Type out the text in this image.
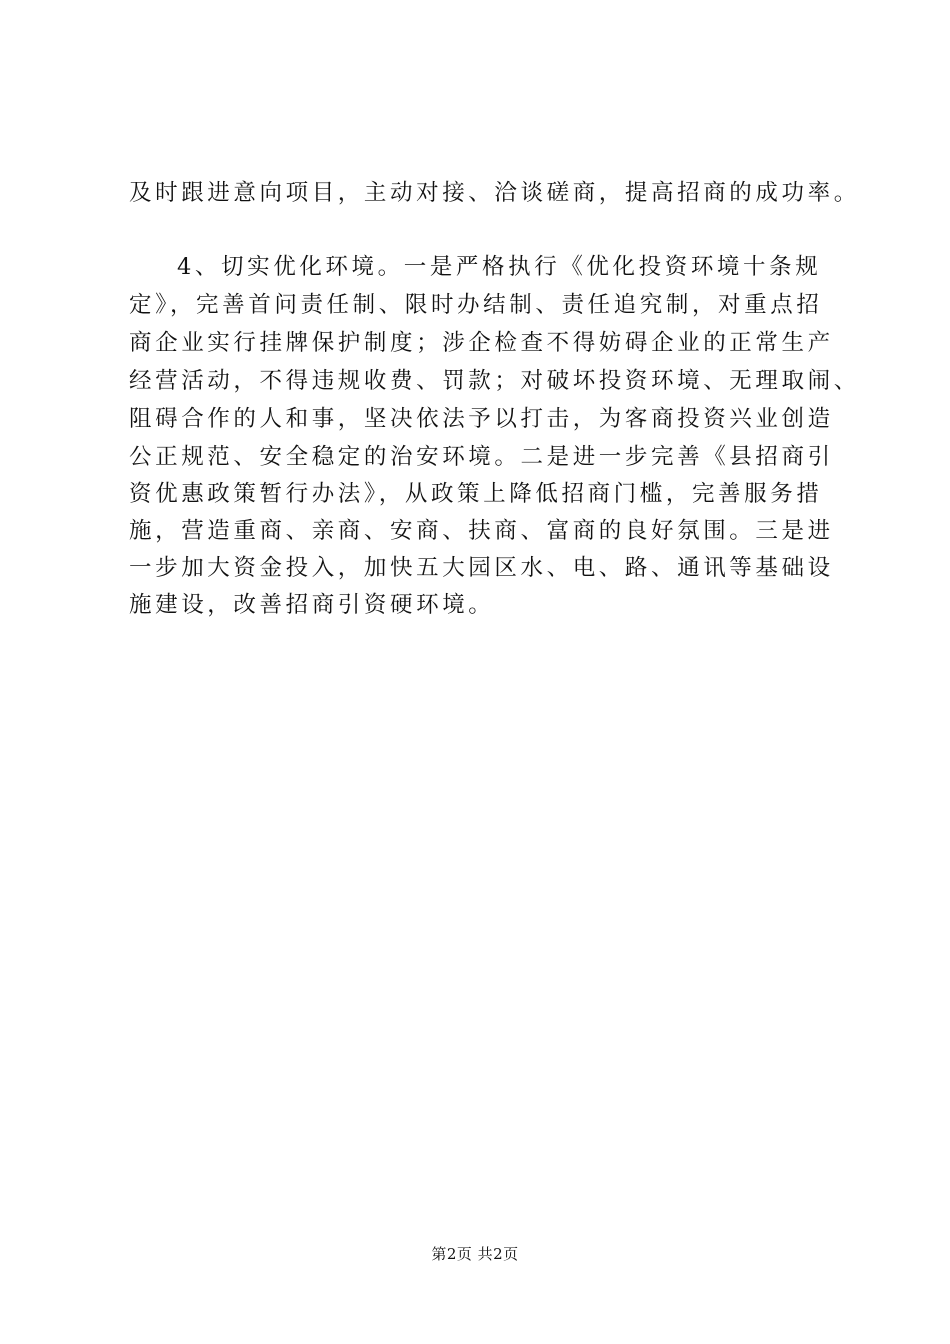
及时跟进意向项目，主动对接、洽谈磋商，提高招商的成功率。
4、切实优化环境。一是严格执行《优化投资环境十条规
定》，完善首问责任制、限时办结制、责任追究制，对重点招
商企业实行挂牌保护制度；涉企检查不得妨碍企业的正常生产
经营活动，不得违规收费、罚款；对破坏投资环境、无理取闹、
阻碍合作的人和事，坚决依法予以打击，为客商投资兴业创造
公正规范、安全稳定的治安环境。二是进一步完善《县招商引
资优惠政策暂行办法》，从政策上降低招商门槛，完善服务措
施，营造重商、亲商、安商、扶商、富商的良好氛围。三是进
一步加大资金投入，加快五大园区水、电、路、通讯等基础设
施建设，改善招商引资硬环境。
第2页 共2页
